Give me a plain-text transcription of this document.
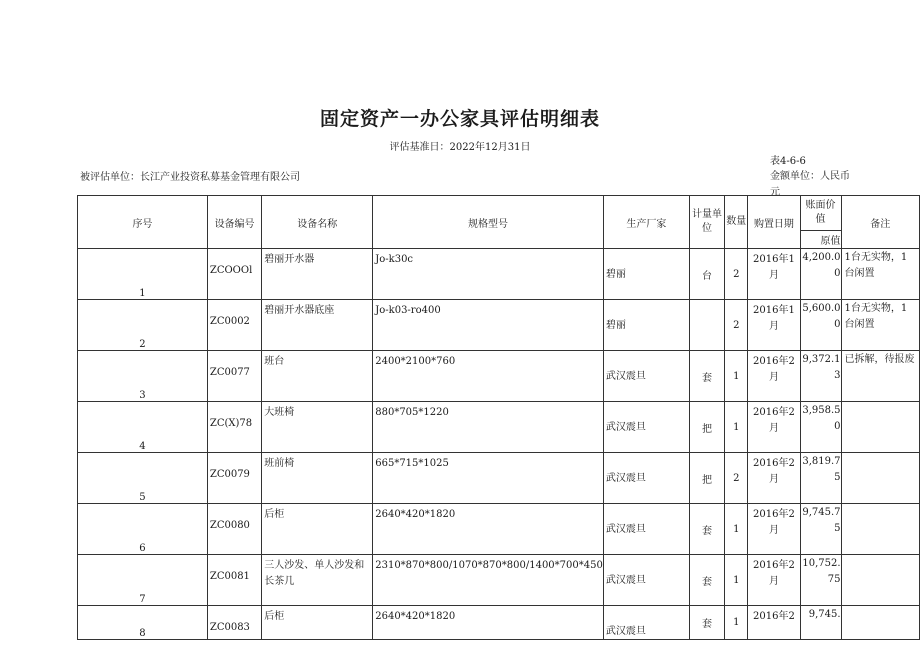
固定资产一办公家具评估明细表
评估基准日：2022年12月31日
被评估单位：长江产业投资私募基金管理有限公司
表4-6-6
金额单位：人民币元
序号	设备编号	设备名称	规格型号	生产厂家	计量单位	数量	购置日期	账面价值	备注
								原值	
1	ZCOOOl	碧丽开水器	Jo-k30c	碧丽	台	2	2016年1月	4,200.00	1台无实物，1台闲置
2	ZC0002	碧丽开水器底座	Jo-k03-ro400	碧丽		2	2016年1月	5,600.00	1台无实物，1台闲置
3	ZC0077	班台	2400*2100*760	武汉震旦	套	1	2016年2月	9,372.13	已拆解，待报废
4	ZC(X)78	大班椅	880*705*1220	武汉震旦	把	1	2016年2月	3,958.50	
5	ZC0079	班前椅	665*715*1025	武汉震旦	把	2	2016年2月	3,819.75	
6	ZC0080	后柜	2640*420*1820	武汉震旦	套	1	2016年2月	9,745.75	
7	ZC0081	三人沙发、单人沙发和长茶几	2310*870*800/1070*870*800/1400*700*450	武汉震旦	套	1	2016年2月	10,752.75	
8	ZC0083	后柜	2640*420*1820	武汉震旦	套	1	2016年2	9,745.	
